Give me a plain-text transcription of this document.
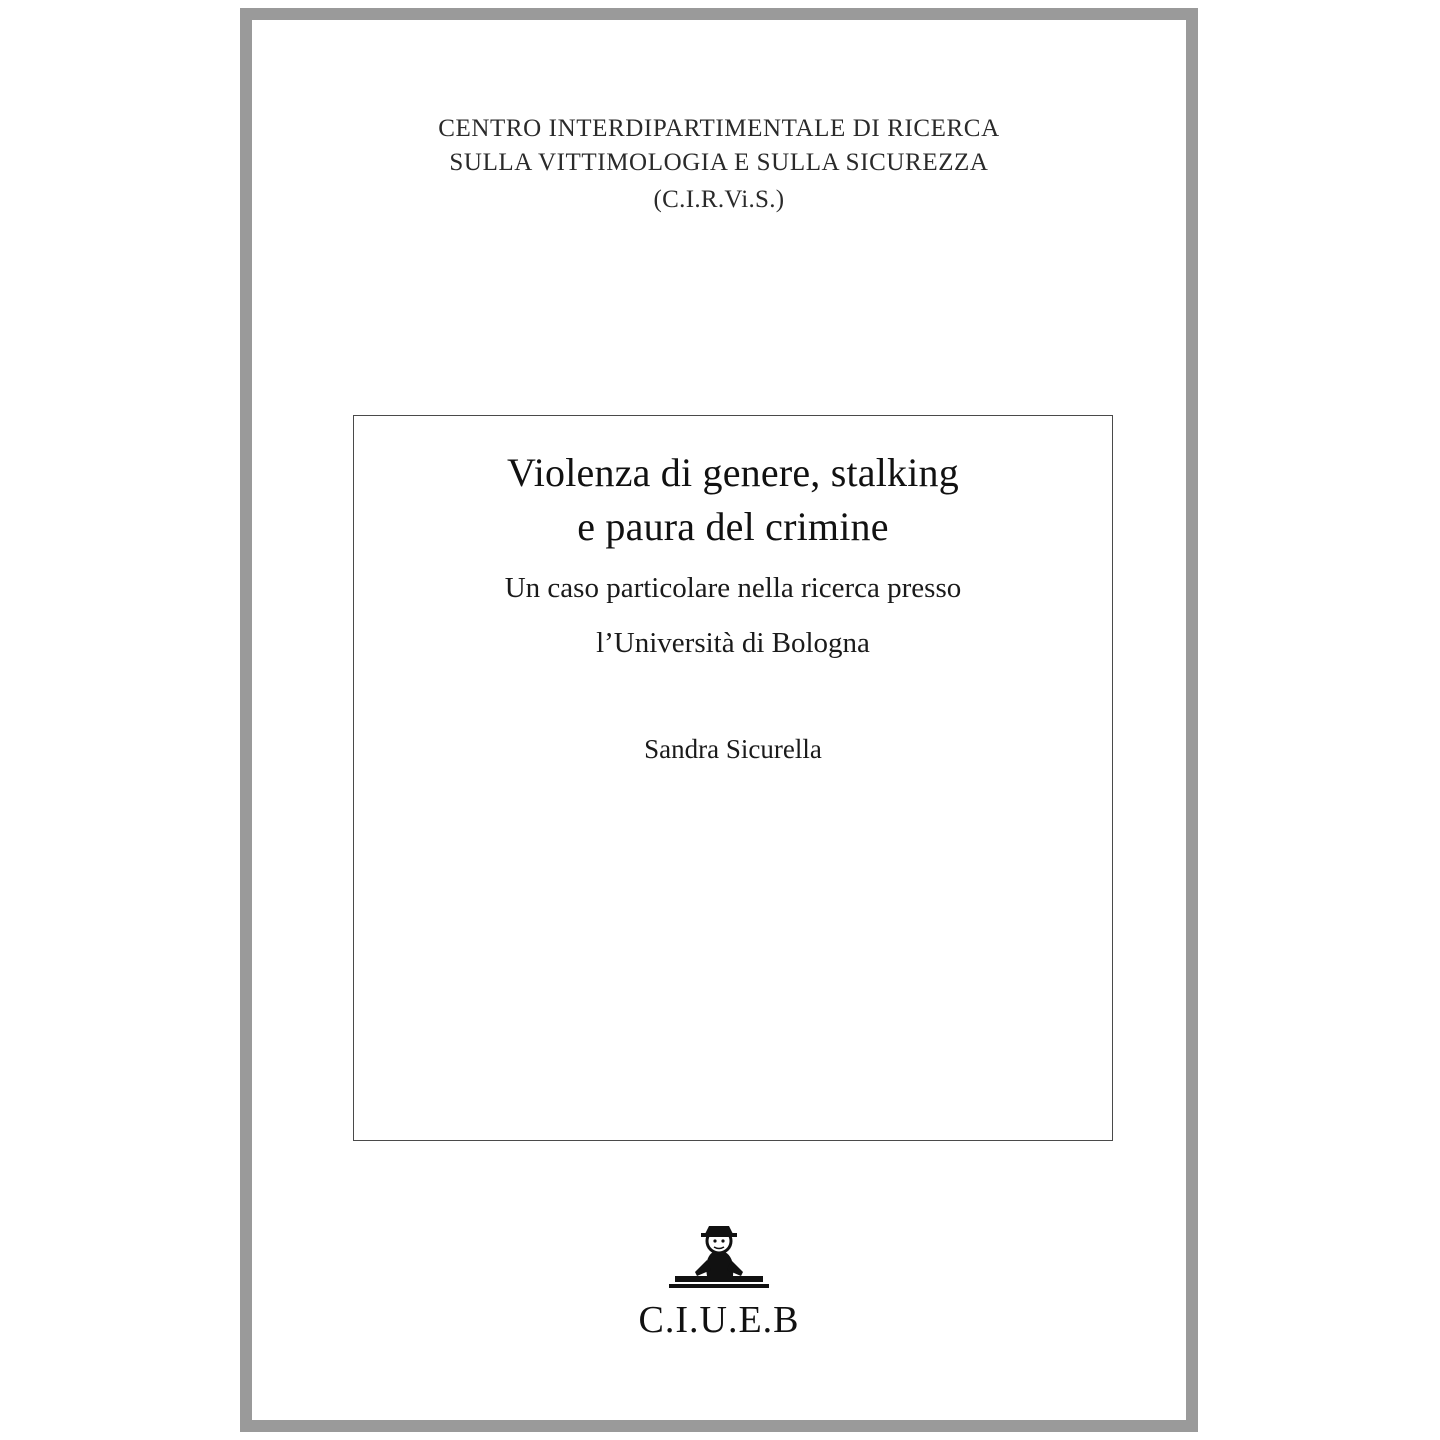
CENTRO INTERDIPARTIMENTALE DI RICERCA
SULLA VITTIMOLOGIA E SULLA SICUREZZA
(C.I.R.Vi.S.)
Violenza di genere, stalking
e paura del crimine
Un caso particolare nella ricerca presso
l’Università di Bologna
Sandra Sicurella
C.I.U.E.B
